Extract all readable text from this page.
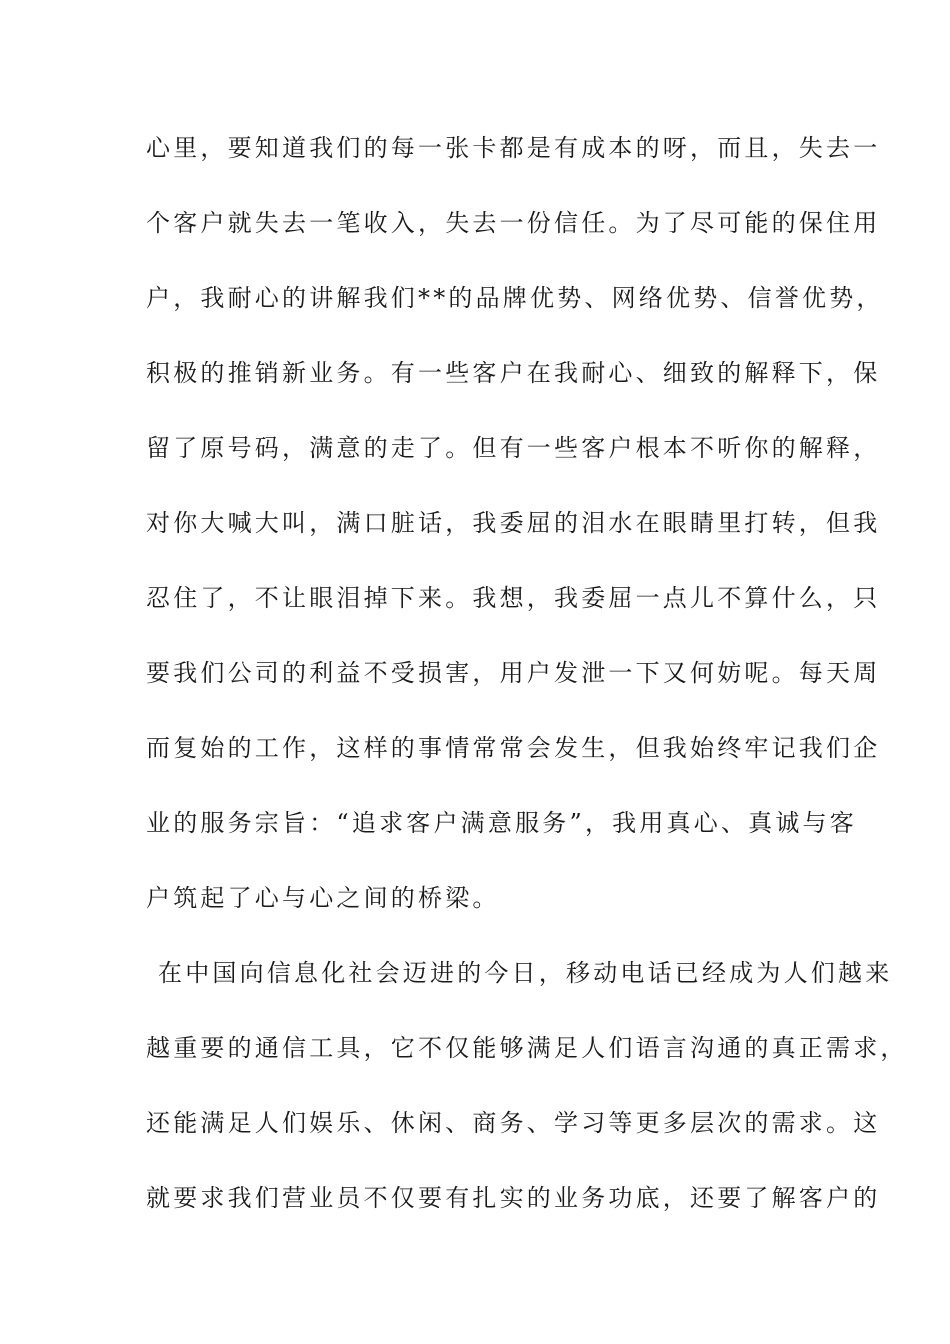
心里，要知道我们的每一张卡都是有成本的呀，而且，失去一
个客户就失去一笔收入，失去一份信任。为了尽可能的保住用
户，我耐心的讲解我们**的品牌优势、网络优势、信誉优势，
积极的推销新业务。有一些客户在我耐心、细致的解释下，保
留了原号码，满意的走了。但有一些客户根本不听你的解释，
对你大喊大叫，满口脏话，我委屈的泪水在眼睛里打转，但我
忍住了，不让眼泪掉下来。我想，我委屈一点儿不算什么，只
要我们公司的利益不受损害，用户发泄一下又何妨呢。每天周
而复始的工作，这样的事情常常会发生，但我始终牢记我们企
业的服务宗旨：“追求客户满意服务”，我用真心、真诚与客
户筑起了心与心之间的桥梁。
在中国向信息化社会迈进的今日，移动电话已经成为人们越来
越重要的通信工具，它不仅能够满足人们语言沟通的真正需求，
还能满足人们娱乐、休闲、商务、学习等更多层次的需求。这
就要求我们营业员不仅要有扎实的业务功底，还要了解客户的
